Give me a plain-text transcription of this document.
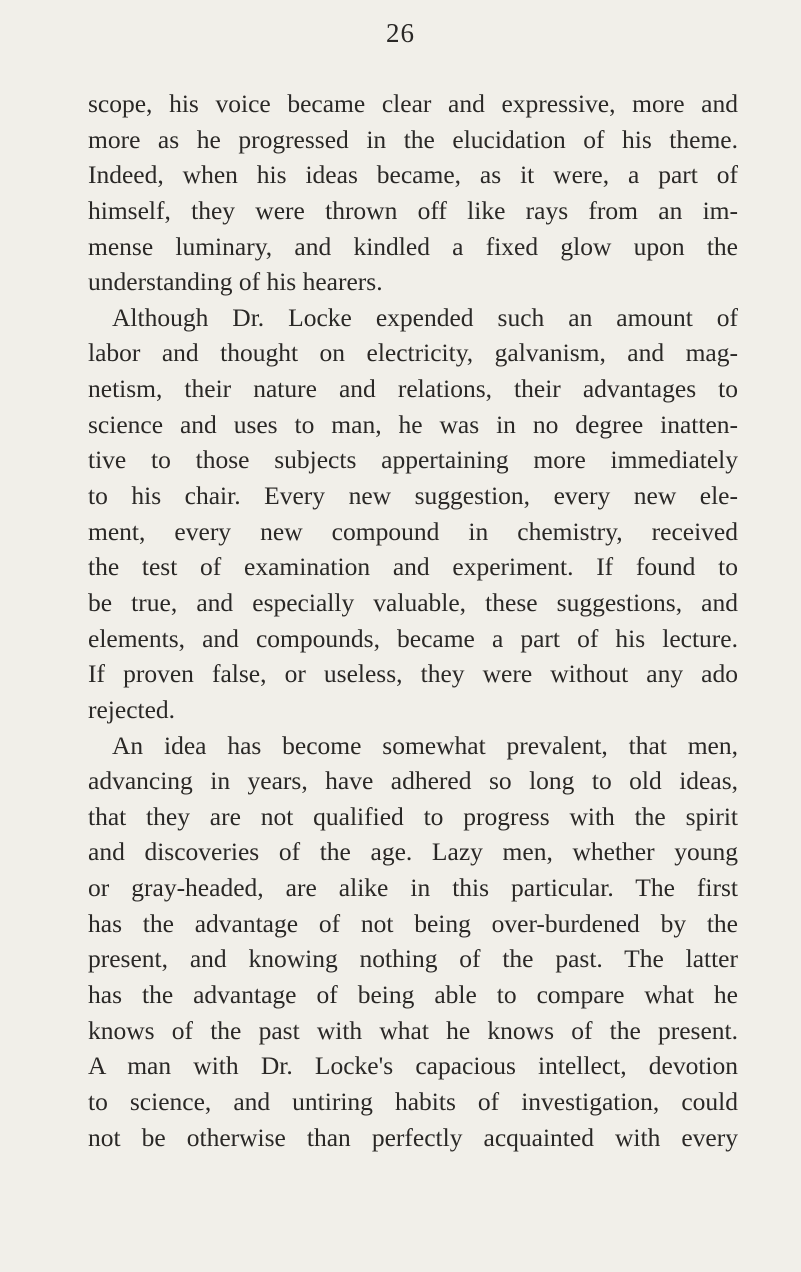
26
scope, his voice became clear and expressive, more and
more as he progressed in the elucidation of his theme.
Indeed, when his ideas became, as it were, a part of
himself, they were thrown off like rays from an im-
mense luminary, and kindled a fixed glow upon the
understanding of his hearers.
Although Dr. Locke expended such an amount of
labor and thought on electricity, galvanism, and mag-
netism, their nature and relations, their advantages to
science and uses to man, he was in no degree inatten-
tive to those subjects appertaining more immediately
to his chair. Every new suggestion, every new ele-
ment, every new compound in chemistry, received
the test of examination and experiment. If found to
be true, and especially valuable, these suggestions, and
elements, and compounds, became a part of his lecture.
If proven false, or useless, they were without any ado
rejected.
An idea has become somewhat prevalent, that men,
advancing in years, have adhered so long to old ideas,
that they are not qualified to progress with the spirit
and discoveries of the age. Lazy men, whether young
or gray-headed, are alike in this particular. The first
has the advantage of not being over-burdened by the
present, and knowing nothing of the past. The latter
has the advantage of being able to compare what he
knows of the past with what he knows of the present.
A man with Dr. Locke's capacious intellect, devotion
to science, and untiring habits of investigation, could
not be otherwise than perfectly acquainted with every
